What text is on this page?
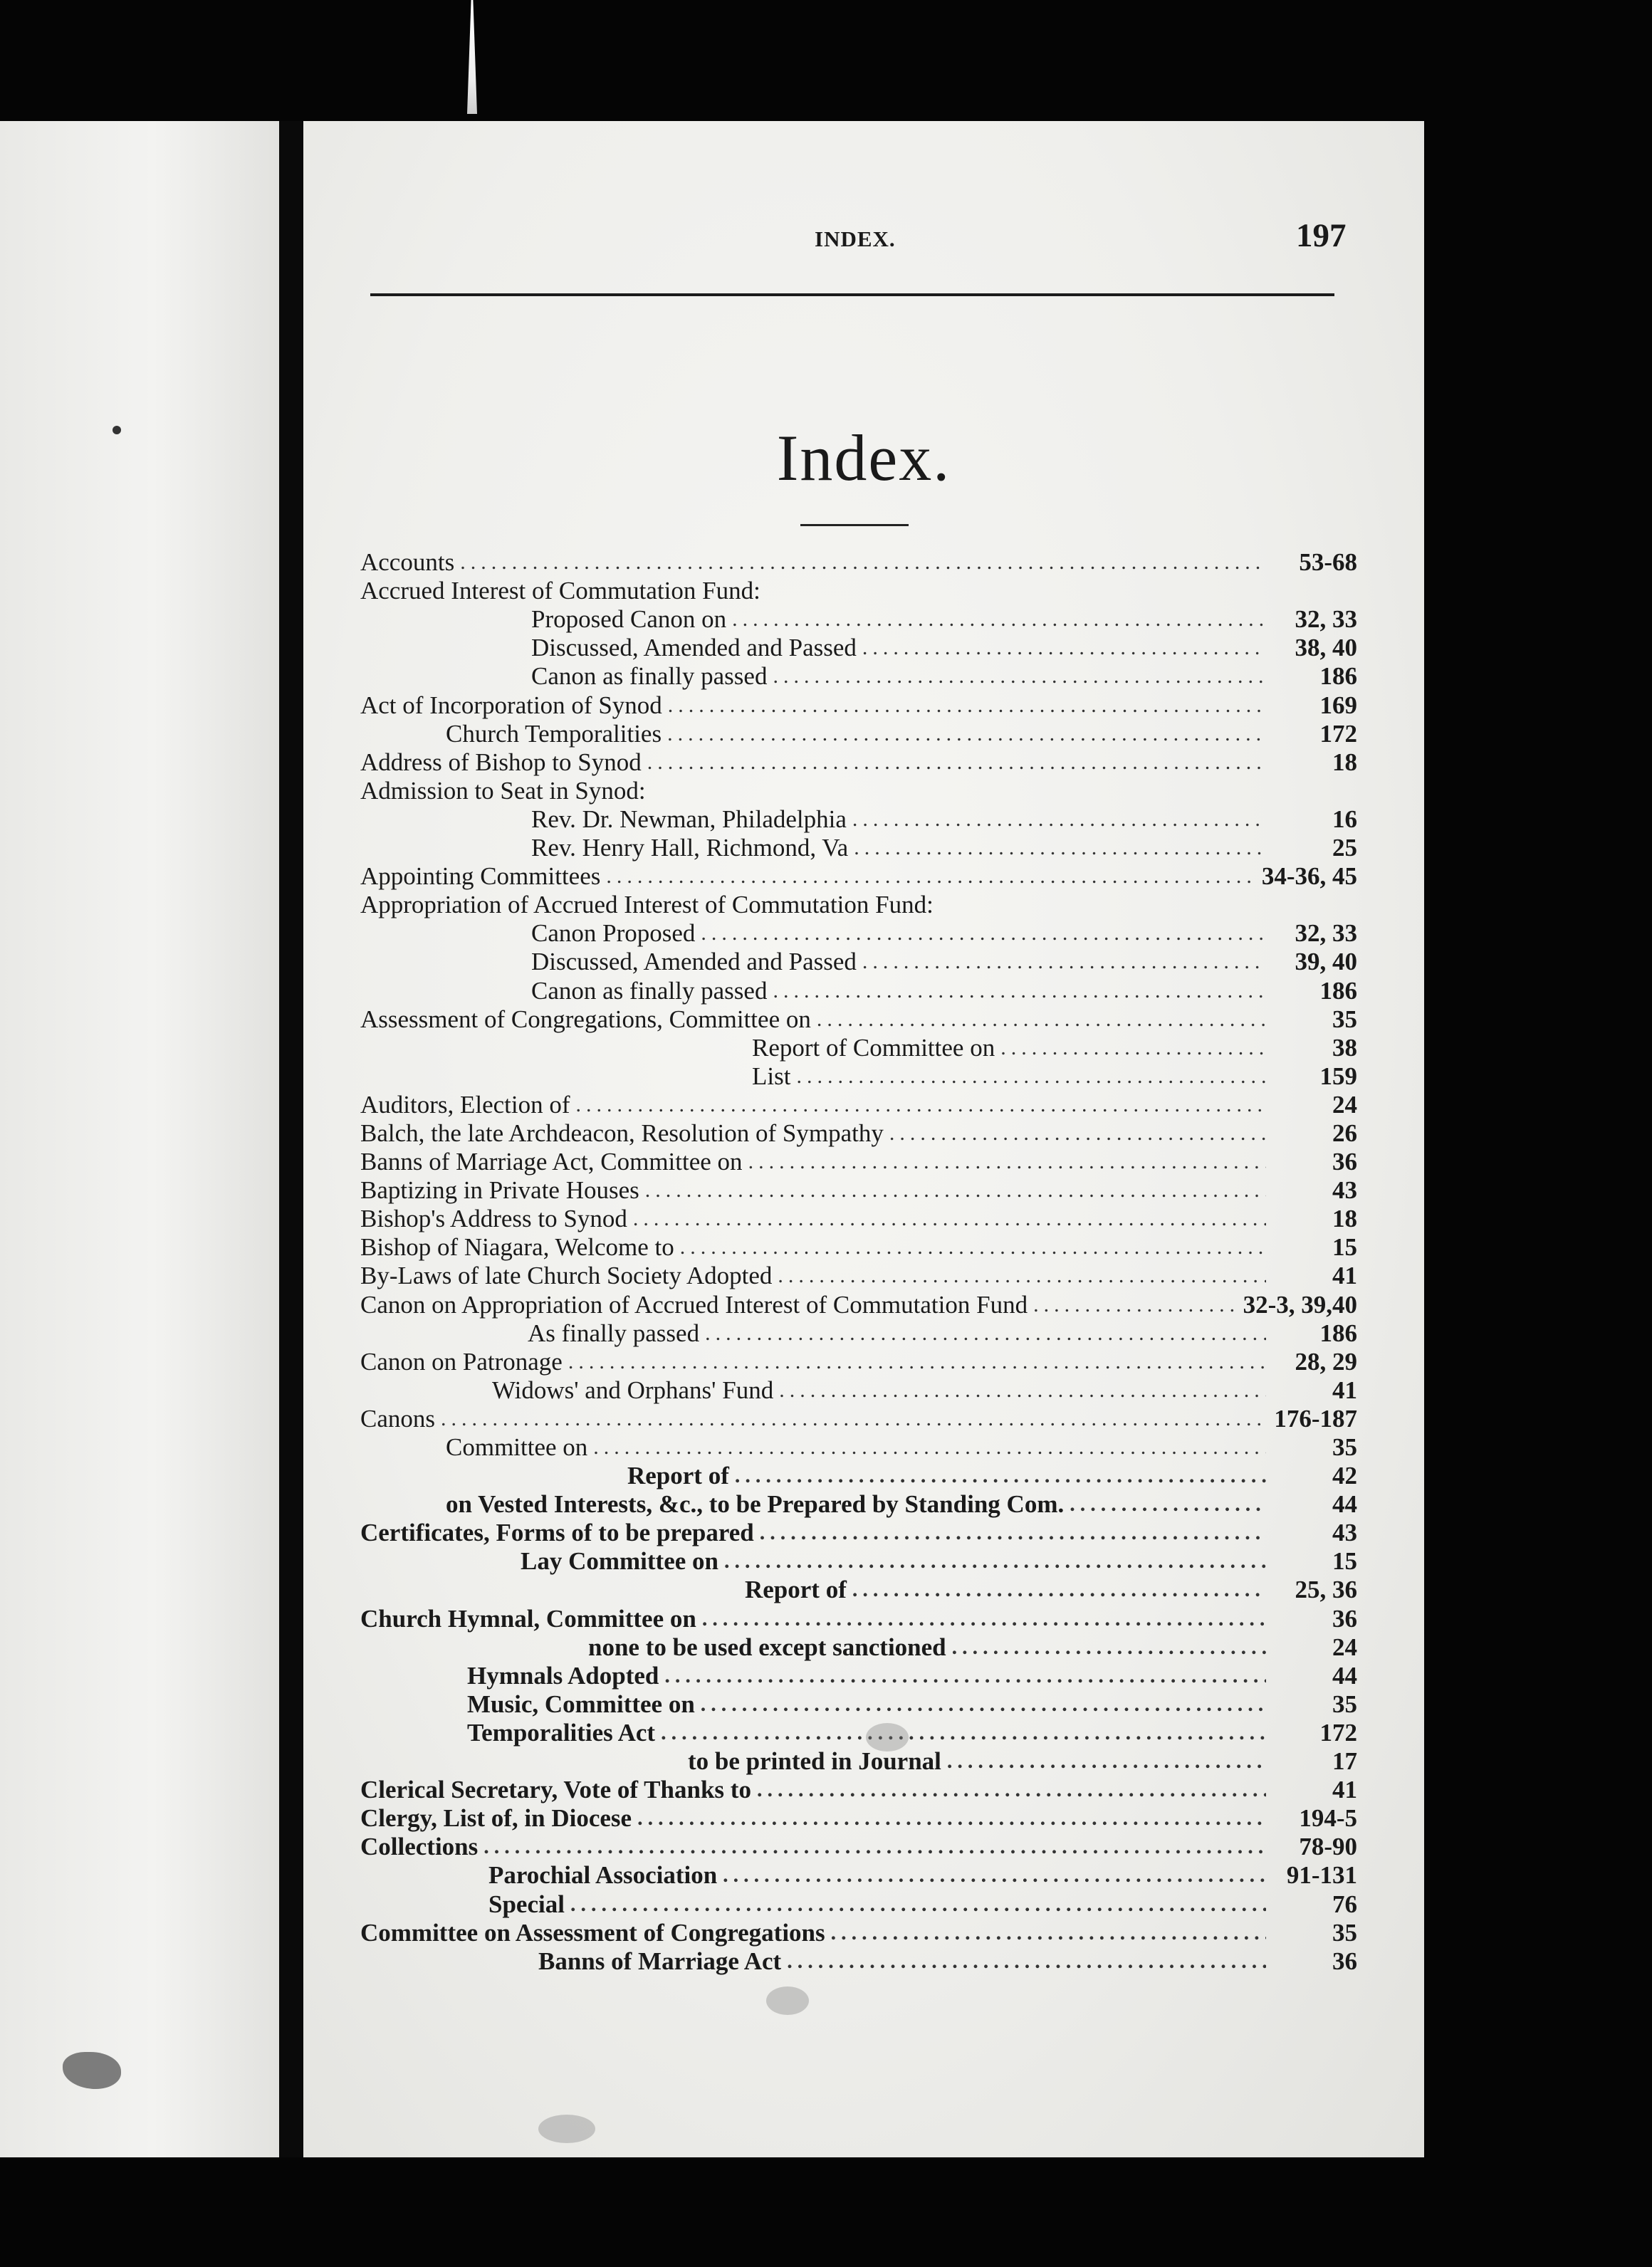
INDEX.	197
Index.
Accounts .....	53-68
Accrued Interest of Commutation Fund:
Proposed Canon on .....	32, 33
Discussed, Amended and Passed .....	38, 40
Canon as finally passed .....	186
Act of Incorporation of Synod .....	169
Church Temporalities .....	172
Address of Bishop to Synod .....	18
Admission to Seat in Synod:
Rev. Dr. Newman, Philadelphia .....	16
Rev. Henry Hall, Richmond, Va .....	25
Appointing Committees .....	34-36, 45
Appropriation of Accrued Interest of Commutation Fund:
Canon Proposed .....	32, 33
Discussed, Amended and Passed .....	39, 40
Canon as finally passed .....	186
Assessment of Congregations, Committee on .....	35
Report of Committee on .....	38
List .....	159
Auditors, Election of .....	24
Balch, the late Archdeacon, Resolution of Sympathy .....	26
Banns of Marriage Act, Committee on .....	36
Baptizing in Private Houses .....	43
Bishop's Address to Synod .....	18
Bishop of Niagara, Welcome to .....	15
By-Laws of late Church Society Adopted .....	41
Canon on Appropriation of Accrued Interest of Commutation Fund .....	32-3, 39,40
As finally passed .....	186
Canon on Patronage .....	28, 29
Widows' and Orphans' Fund .....	41
Canons .....	176-187
Committee on .....	35
Report of .....	42
on Vested Interests, &c., to be Prepared by Standing Com. .....	44
Certificates, Forms of to be prepared .....	43
Lay Committee on .....	15
Report of .....	25, 36
Church Hymnal, Committee on .....	36
none to be used except sanctioned .....	24
Hymnals Adopted .....	44
Music, Committee on .....	35
Temporalities Act .....	172
to be printed in Journal .....	17
Clerical Secretary, Vote of Thanks to .....	41
Clergy, List of, in Diocese .....	194-5
Collections .....	78-90
Parochial Association .....	91-131
Special .....	76
Committee on Assessment of Congregations .....	35
Banns of Marriage Act .....	36
